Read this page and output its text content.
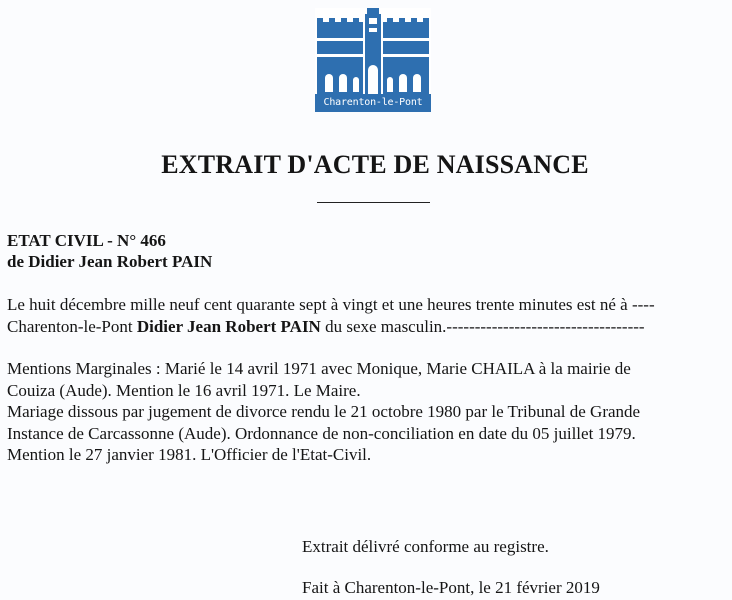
Charenton-le-Pont
EXTRAIT D'ACTE DE NAISSANCE
ETAT CIVIL - N° 466
de Didier Jean Robert PAIN
Le huit décembre mille neuf cent quarante sept à vingt et une heures trente minutes est né à ----
Charenton-le-Pont Didier Jean Robert PAIN du sexe masculin.-----------------------------------
Mentions Marginales : Marié le 14 avril 1971 avec Monique, Marie CHAILA à la mairie de
Couiza (Aude). Mention le 16 avril 1971. Le Maire.
Mariage dissous par jugement de divorce rendu le 21 octobre 1980 par le Tribunal de Grande
Instance de Carcassonne (Aude). Ordonnance de non-conciliation en date du 05 juillet 1979.
Mention le 27 janvier 1981. L'Officier de l'Etat-Civil.

Extrait délivré conforme au registre.

Fait à Charenton-le-Pont, le 21 février 2019
